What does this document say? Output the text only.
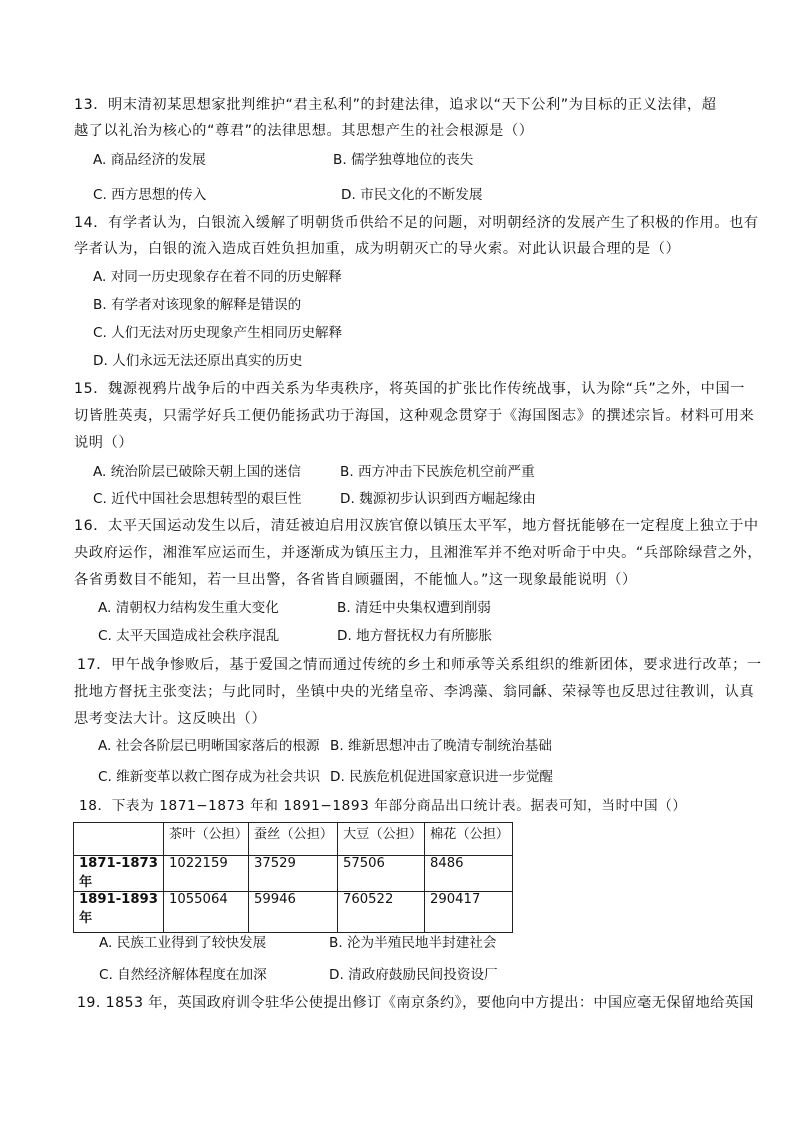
13．明末清初某思想家批判维护“君主私利”的封建法律，追求以“天下公利”为目标的正义法律，超
越了以礼治为核心的“尊君”的法律思想。其思想产生的社会根源是（）
A. 商品经济的发展	B. 儒学独尊地位的丧失
C. 西方思想的传入	D. 市民文化的不断发展
14．有学者认为，白银流入缓解了明朝货币供给不足的问题，对明朝经济的发展产生了积极的作用。也有
学者认为，白银的流入造成百姓负担加重，成为明朝灭亡的导火索。对此认识最合理的是（）
A. 对同一历史现象存在着不同的历史解释
B. 有学者对该现象的解释是错误的
C. 人们无法对历史现象产生相同历史解释
D. 人们永远无法还原出真实的历史
15．魏源视鸦片战争后的中西关系为华夷秩序，将英国的扩张比作传统战事，认为除“兵”之外，中国一
切皆胜英夷，只需学好兵工便仍能扬武功于海国，这种观念贯穿于《海国图志》的撰述宗旨。材料可用来
说明（）
A. 统治阶层已破除天朝上国的迷信	B. 西方冲击下民族危机空前严重
C. 近代中国社会思想转型的艰巨性	D. 魏源初步认识到西方崛起缘由
16．太平天国运动发生以后，清廷被迫启用汉族官僚以镇压太平军，地方督抚能够在一定程度上独立于中
央政府运作，湘淮军应运而生，并逐渐成为镇压主力，且湘淮军并不绝对听命于中央。“兵部除绿营之外，
各省勇数目不能知，若一旦出警，各省皆自顾疆圉，不能恤人。”这一现象最能说明（）
A. 清朝权力结构发生重大变化	B. 清廷中央集权遭到削弱
C. 太平天国造成社会秩序混乱	D. 地方督抚权力有所膨胀
17．甲午战争惨败后，基于爱国之情而通过传统的乡土和师承等关系组织的维新团体，要求进行改革；一
批地方督抚主张变法；与此同时，坐镇中央的光绪皇帝、李鸿藻、翁同龢、荣禄等也反思过往教训，认真
思考变法大计。这反映出（）
A. 社会各阶层已明晰国家落后的根源 B. 维新思想冲击了晚清专制统治基础
C. 维新变革以救亡图存成为社会共识 D. 民族危机促进国家意识进一步觉醒
18．下表为 1871−1873 年和 1891−1893 年部分商品出口统计表。据表可知，当时中国（）
	茶叶（公担）	蚕丝（公担）	大豆（公担）	棉花（公担）
1871-1873 年	1022159	37529	57506	8486
1891-1893 年	1055064	59946	760522	290417
A. 民族工业得到了较快发展	B. 沦为半殖民地半封建社会
C. 自然经济解体程度在加深	D. 清政府鼓励民间投资设厂
19. 1853 年，英国政府训令驻华公使提出修订《南京条约》，要他向中方提出：中国应毫无保留地给英国
